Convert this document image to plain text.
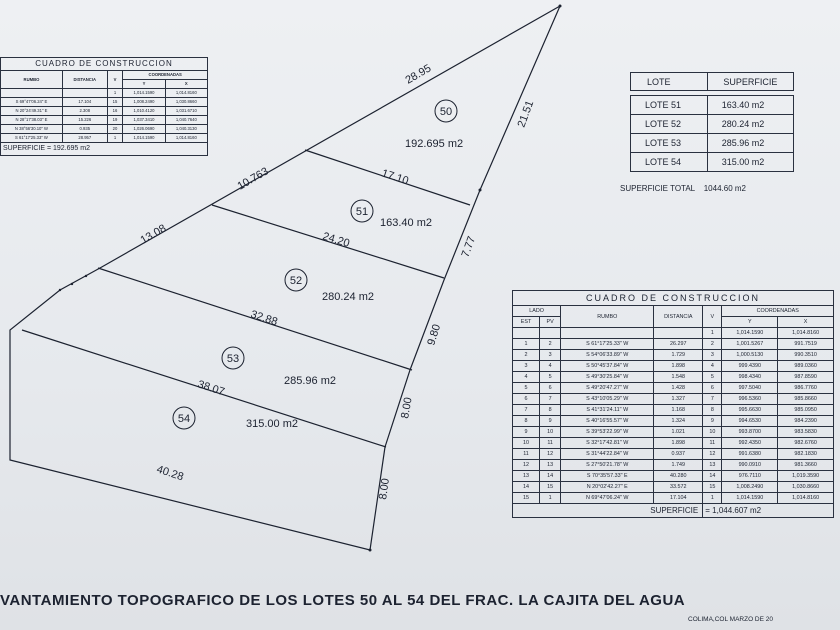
50
192.695 m2
51
163.40 m2
52
280.24 m2
53
285.96 m2
54	315.00 m2
28.95
10.763
13.08
21.51
7.77
9.80
8.00
8.00
17.10
24.20
32.88
38.07
40.28
CUADRO DE CONSTRUCCION				
RUMBO	DISTANCIA	V	COORDENADAS	
			Y	X
		1	1,014.1590	1,014.8160
S 69°47'06.24" E	17.104	15	1,008.2490	1,030.8660
N 20°24'49.31" E	2.308	16	1,010.4120	1,031.6710
N 28°17'38.03" E	15.226	19	1,037.3410	1,040.7640
N 38°56'30.10" W	0.935	20	1,026.0690	1,040.3130
S 61°17'25.33" W	28.957	1	1,014.1590	1,014.8160
SUPERFICIE = 192.695 m2				
LOTE	SUPERFICIE

LOTE 51	163.40 m2
LOTE 52	280.24 m2
LOTE 53	285.96 m2
LOTE 54	315.00 m2
SUPERFICIE TOTAL    1044.60 m2
CUADRO DE CONSTRUCCION						
LADO		RUMBO	DISTANCIA	V	COORDENADAS	
EST	PV				Y	X
				1	1,014.1590	1,014.8160
1	2	S 61°17'25.33" W	26.297	2	1,001.5267	991.7519
2	3	S 54°06'33.89" W	1.729	3	1,000.5130	990.3510
3	4	S 50°45'37.84" W	1.898	4	999.4390	989.0360
4	5	S 49°30'25.84" W	1.548	5	998.4340	987.8590
5	6	S 49°20'47.27" W	1.428	6	997.5040	986.7760
6	7	S 43°10'05.29" W	1.327	7	996.5360	985.8660
7	8	S 41°31'24.11" W	1.168	8	995.6630	985.0950
8	9	S 40°16'55.57" W	1.324	9	994.6530	984.2390
9	10	S 39°53'22.99" W	1.021	10	993.8700	983.5830
10	11	S 32°17'42.81" W	1.898	11	992.4350	982.6760
11	12	S 31°44'22.84" W	0.937	12	991.6380	982.1830
12	13	S 27°50'21.78" W	1.749	13	990.0910	981.3660
13	14	S 70°35'57.33" E	40.280	14	976.7110	1,019.3590
14	15	N 20°02'42.27" E	33.572	15	1,008.2490	1,030.8660
15	1	N 69°47'06.24" W	17.104	1	1,014.1590	1,014.8160
SUPERFICIE				= 1,044.607 m2		
VANTAMIENTO TOPOGRAFICO DE LOS LOTES 50 AL 54 DEL FRAC. LA CAJITA DEL AGUA
COLIMA,COL MARZO DE 20
